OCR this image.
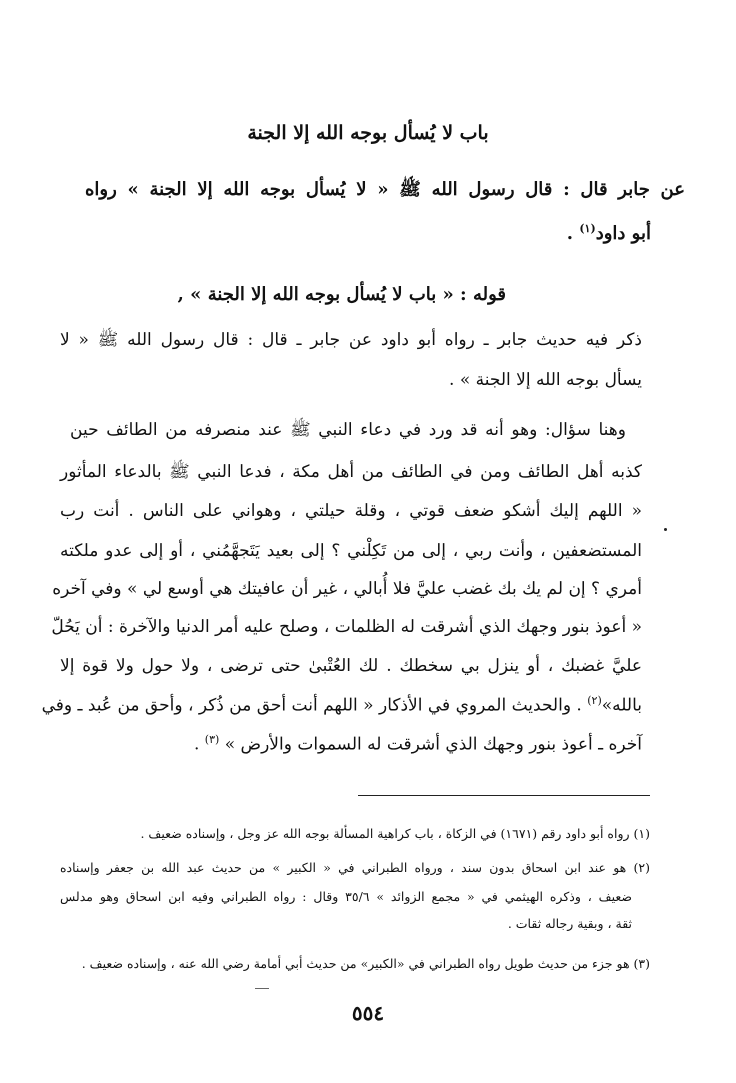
باب لا يُسأل بوجه الله إلا الجنة
عن جابر قال : قال رسول الله ﷺ « لا يُسأل بوجه الله إلا الجنة » رواه
أبو داود$^{(١)}$ .
قوله : « باب لا يُسأل بوجه الله إلا الجنة » ,
ذكر فيه حديث جابر ـ رواه أبو داود عن جابر ـ قال : قال رسول الله ﷺ « لا
يسأل بوجه الله إلا الجنة » .
وهنا سؤال: وهو أنه قد ورد في دعاء النبي ﷺ عند منصرفه من الطائف حين
كذبه أهل الطائف ومن في الطائف من أهل مكة ، فدعا النبي ﷺ بالدعاء المأثور
« اللهم إليك أشكو ضعف قوتي ، وقلة حيلتي ، وهواني على الناس . أنت رب
المستضعفين ، وأنت ربي ، إلى من تَكِلْني ؟ إلى بعيد يَتَجهَّمُني ، أو إلى عدو ملكته
أمري ؟ إن لم يك بك غضب عليَّ فلا أُبالي ، غير أن عافيتك هي أوسع لي » وفي آخره
« أعوذ بنور وجهك الذي أشرقت له الظلمات ، وصلح عليه أمر الدنيا والآخرة : أن يَحُلّ
عليَّ غضبك ، أو ينزل بي سخطك . لك العُتْبىٰ حتى ترضى ، ولا حول ولا قوة إلا
بالله»$^{(٢)}$ . والحديث المروي في الأذكار « اللهم أنت أحق من ذُكر ، وأحق من عُبد ـ وفي
آخره ـ أعوذ بنور وجهك الذي أشرقت له السموات والأرض » $^{(٣)}$ .
(١) رواه أبو داود رقم (١٦٧١) في الزكاة ، باب كراهية المسألة بوجه الله عز وجل ، وإسناده ضعيف .
(٢) هو عند ابن اسحاق بدون سند ، ورواه الطبراني في « الكبير » من حديث عبد الله بن جعفر وإسناده
ضعيف ، وذكره الهيثمي في « مجمع الزوائد » ٣٥/٦ وقال : رواه الطبراني وفيه ابن اسحاق وهو مدلس
ثقة ، وبقية رجاله ثقات .
(٣) هو جزء من حديث طويل رواه الطبراني في «الكبير» من حديث أبي أمامة رضي الله عنه ، وإسناده ضعيف .
٥٥٤
